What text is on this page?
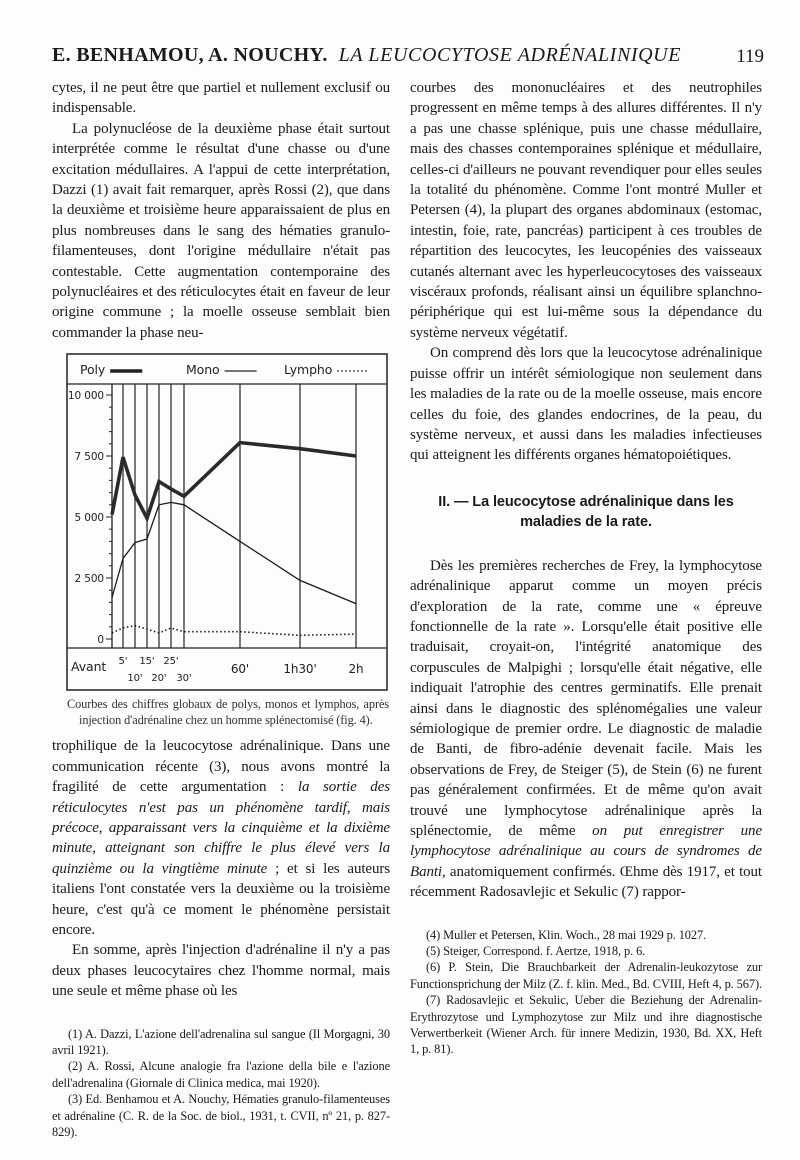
E. BENHAMOU, A. NOUCHY. LA LEUCOCYTOSE ADRÉNALINIQUE	119

cytes, il ne peut être que partiel et nullement exclusif ou indispensable.

La polynucléose de la deuxième phase était surtout interprétée comme le résultat d'une chasse ou d'une excitation médullaires. A l'appui de cette interprétation, Dazzi (1) avait fait remarquer, après Rossi (2), que dans la deuxième et troisième heure apparaissaient de plus en plus nombreuses dans le sang des hématies granulo-filamenteuses, dont l'origine médullaire n'était pas contestable. Cette augmentation contemporaine des polynucléaires et des réticulocytes était en faveur de leur origine commune ; la moelle osseuse semblait bien commander la phase neu-

Poly	Mono	Lympho
0
2 500
5 000
7 500
10 000
Avant 5'
10'
15'
20'
25'
30'
60'	1h30'	2h
Courbes des chiffres globaux de polys, monos et lymphos, après injection d'adrénaline chez un homme splénectomisé (fig. 4).

trophilique de la leucocytose adrénalinique. Dans une communication récente (3), nous avons montré la fragilité de cette argumentation : la sortie des réticulocytes n'est pas un phénomène tardif, mais précoce, apparaissant vers la cinquième et la dixième minute, atteignant son chiffre le plus élevé vers la quinzième ou la vingtième minute ; et si les auteurs italiens l'ont constatée vers la deuxième ou la troisième heure, c'est qu'à ce moment le phénomène persistait encore.

En somme, après l'injection d'adrénaline il n'y a pas deux phases leucocytaires chez l'homme normal, mais une seule et même phase où les

(1) A. Dazzi, L'azione dell'adrenalina sul sangue (Il Morgagni, 30 avril 1921).

(2) A. Rossi, Alcune analogie fra l'azione della bile e l'azione dell'adrenalina (Giornale di Clinica medica, mai 1920).

(3) Ed. Benhamou et A. Nouchy, Hématies granulo-filamenteuses et adrénaline (C. R. de la Soc. de biol., 1931, t. CVII, nº 21, p. 827-829).

courbes des mononucléaires et des neutrophiles progressent en même temps à des allures différentes. Il n'y a pas une chasse splénique, puis une chasse médullaire, mais des chasses contemporaines splénique et médullaire, celles-ci d'ailleurs ne pouvant revendiquer pour elles seules la totalité du phénomène. Comme l'ont montré Muller et Petersen (4), la plupart des organes abdominaux (estomac, intestin, foie, rate, pancréas) participent à ces troubles de répartition des leucocytes, les leucopénies des vaisseaux cutanés alternant avec les hyperleucocytoses des vaisseaux viscéraux profonds, réalisant ainsi un équilibre splanchno-périphérique qui est lui-même sous la dépendance du système nerveux végétatif.

On comprend dès lors que la leucocytose adrénalinique puisse offrir un intérêt sémiologique non seulement dans les maladies de la rate ou de la moelle osseuse, mais encore celles du foie, des glandes endocrines, de la peau, du système nerveux, et aussi dans les maladies infectieuses qui atteignent les différents organes hématopoiétiques.

II. — La leucocytose adrénalinique dans les maladies de la rate.

Dès les premières recherches de Frey, la lymphocytose adrénalinique apparut comme un moyen précis d'exploration de la rate, comme une « épreuve fonctionnelle de la rate ». Lorsqu'elle était positive elle traduisait, croyait-on, l'intégrité anatomique des corpuscules de Malpighi ; lorsqu'elle était négative, elle indiquait l'atrophie des centres germinatifs. Elle prenait ainsi dans le diagnostic des splénomégalies une valeur sémiologique de premier ordre. Le diagnostic de maladie de Banti, de fibro-adénie devenait facile. Mais les observations de Frey, de Steiger (5), de Stein (6) ne furent pas généralement confirmées. Et de même qu'on avait trouvé une lymphocytose adrénalinique après la splénectomie, de même on put enregistrer une lymphocytose adrénalinique au cours de syndromes de Banti, anatomiquement confirmés. Œhme dès 1917, et tout récemment Radosavlejic et Sekulic (7) rappor-

(4) Muller et Petersen, Klin. Woch., 28 mai 1929 p. 1027.

(5) Steiger, Correspond. f. Aertze, 1918, p. 6.

(6) P. Stein, Die Brauchbarkeit der Adrenalin-leukozytose zur Functionsprichung der Milz (Z. f. klin. Med., Bd. CVIII, Heft 4, p. 567).

(7) Radosavlejic et Sekulic, Ueber die Beziehung der Adrenalin-Erythrozytose und Lymphozytose zur Milz und ihre diagnostische Verwertberkeit (Wiener Arch. für innere Medizin, 1930, Bd. XX, Heft 1, p. 81).
